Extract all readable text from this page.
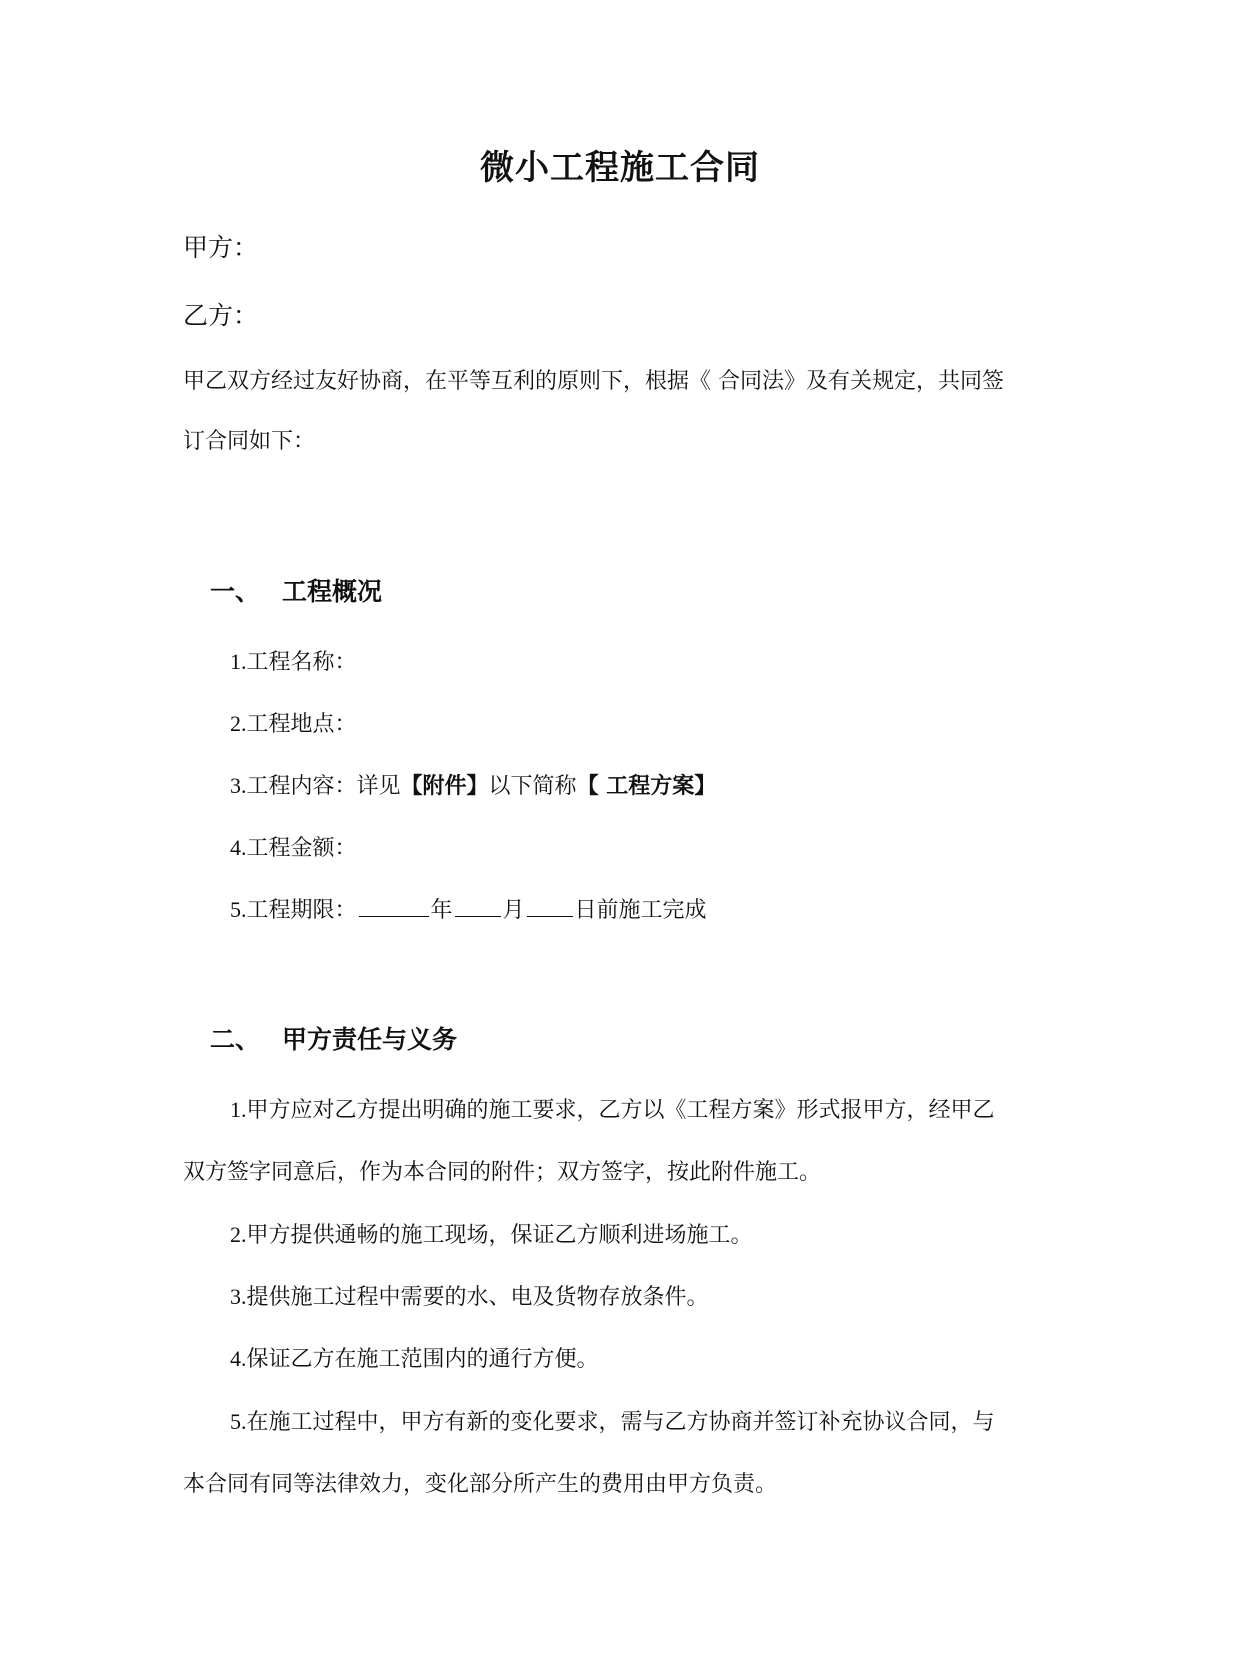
微小工程施工合同
甲方：
乙方：
甲乙双方经过友好协商，在平等互利的原则下，根据《 合同法》及有关规定，共同签
订合同如下：
一、 工程概况
1.工程名称：
2.工程地点：
3.工程内容：详见【附件】以下简称【 工程方案】
4.工程金额：
5.工程期限：	年 月 日前施工完成
二、 甲方责任与义务
1.甲方应对乙方提出明确的施工要求，乙方以《工程方案》形式报甲方，经甲乙
双方签字同意后，作为本合同的附件；双方签字，按此附件施工。
2.甲方提供通畅的施工现场，保证乙方顺利进场施工。
3.提供施工过程中需要的水、电及货物存放条件。
4.保证乙方在施工范围内的通行方便。
5.在施工过程中，甲方有新的变化要求，需与乙方协商并签订补充协议合同，与
本合同有同等法律效力，变化部分所产生的费用由甲方负责。
